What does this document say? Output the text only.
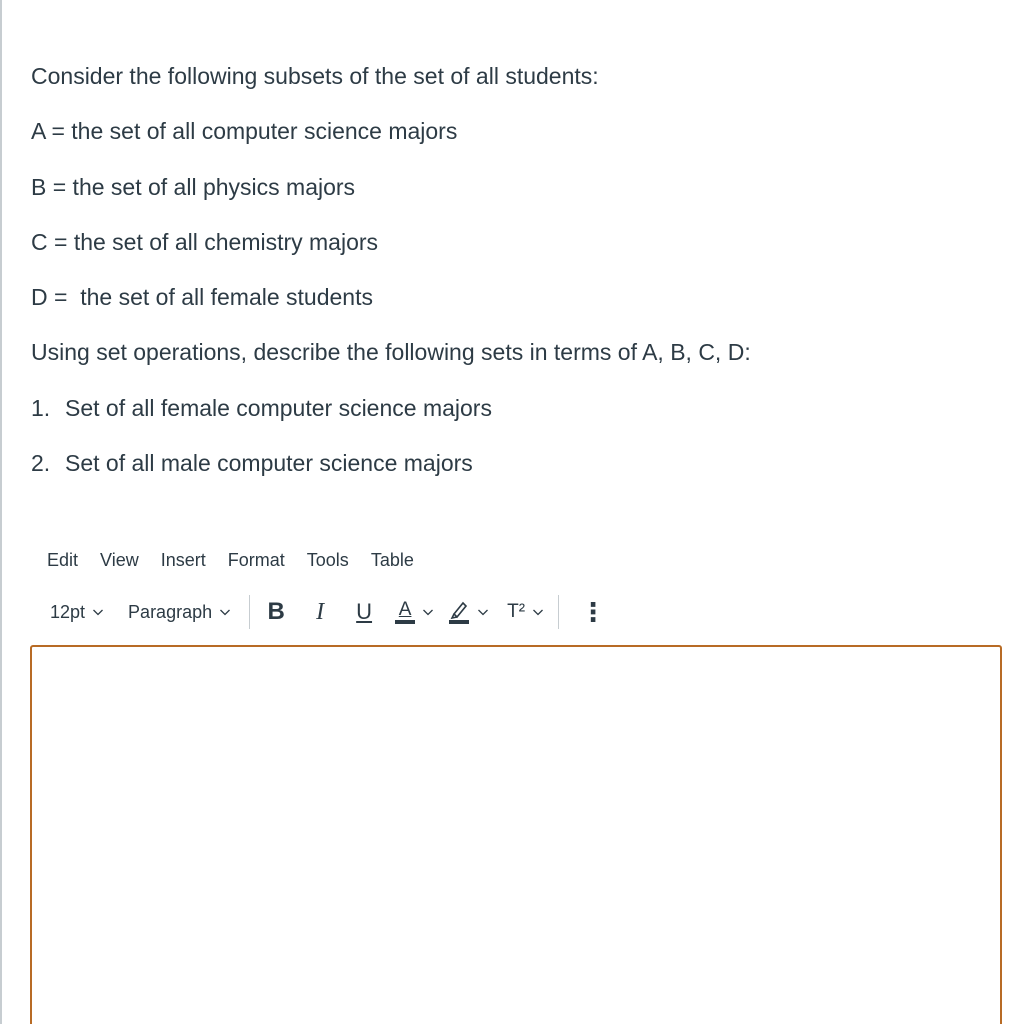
Consider the following subsets of the set of all students:
A = the set of all computer science majors
B = the set of all physics majors
C = the set of all chemistry majors
D =  the set of all female students
Using set operations, describe the following sets in terms of A, B, C, D:
1. Set of all female computer science majors
2. Set of all male computer science majors
Edit View Insert Format Tools Table
12pt Paragraph B I U A	T² ⋮
